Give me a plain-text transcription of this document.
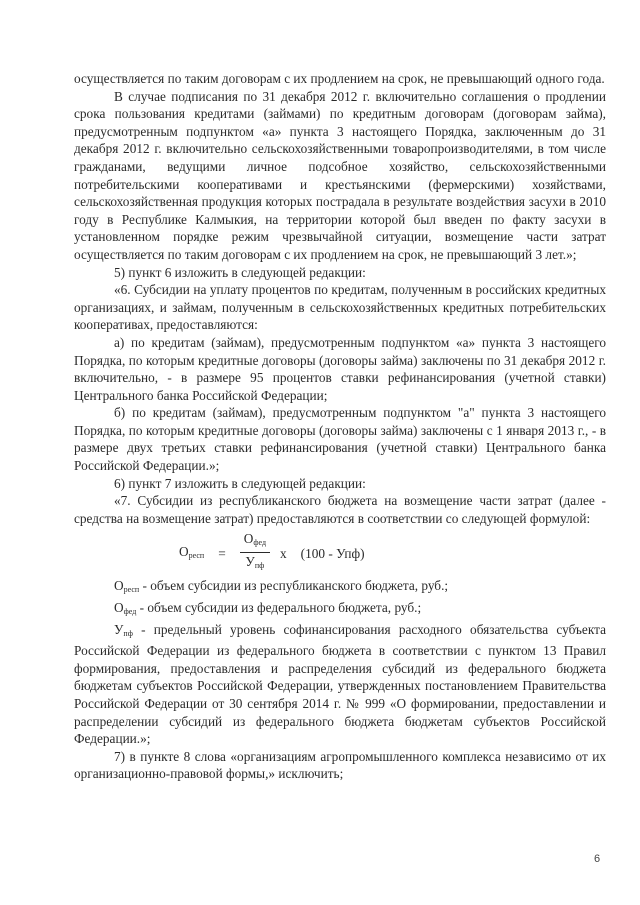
осуществляется по таким договорам с их продлением на срок, не превышающий одного года.

В случае подписания по 31 декабря 2012 г. включительно соглашения о продлении срока пользования кредитами (займами) по кредитным договорам (договорам займа), предусмотренным подпунктом «а» пункта 3 настоящего Порядка, заключенным до 31 декабря 2012 г. включительно сельскохозяйственными товаропроизводителями, в том числе гражданами, ведущими личное подсобное хозяйство, сельскохозяйственными потребительскими кооперативами и крестьянскими (фермерскими) хозяйствами, сельскохозяйственная продукция которых пострадала в результате воздействия засухи в 2010 году в Республике Калмыкия, на территории которой был введен по факту засухи в установленном порядке режим чрезвычайной ситуации, возмещение части затрат осуществляется по таким договорам с их продлением на срок, не превышающий 3 лет.»;

5) пункт 6 изложить в следующей редакции:

«6. Субсидии на уплату процентов по кредитам, полученным в российских кредитных организациях, и займам, полученным в сельскохозяйственных кредитных потребительских кооперативах, предоставляются:

а) по кредитам (займам), предусмотренным подпунктом «а» пункта 3 настоящего Порядка, по которым кредитные договоры (договоры займа) заключены по 31 декабря 2012 г. включительно, - в размере 95 процентов ставки рефинансирования (учетной ставки) Центрального банка Российской Федерации;

б) по кредитам (займам), предусмотренным подпунктом "а" пункта 3 настоящего Порядка, по которым кредитные договоры (договоры займа) заключены с 1 января 2013 г., - в размере двух третьих ставки рефинансирования (учетной ставки) Центрального банка Российской Федерации.»;

6) пункт 7 изложить в следующей редакции:

«7. Субсидии из республиканского бюджета на возмещение части затрат (далее - средства на возмещение затрат) предоставляются в соответствии со следующей формулой:

$О_{респ} = \frac{О_{фед}}{У_{пф}}$ х (100 - Упф)

$О_{респ}$ - объем субсидии из республиканского бюджета, руб.;

$О_{фед}$ - объем субсидии из федерального бюджета, руб.;

$У_{пф}$ - предельный уровень софинансирования расходного обязательства субъекта Российской Федерации из федерального бюджета в соответствии с пунктом 13 Правил формирования, предоставления и распределения субсидий из федерального бюджета бюджетам субъектов Российской Федерации, утвержденных постановлением Правительства Российской Федерации от 30 сентября 2014 г. № 999 «О формировании, предоставлении и распределении субсидий из федерального бюджета бюджетам субъектов Российской Федерации.»;

7) в пункте 8 слова «организациям агропромышленного комплекса независимо от их организационно-правовой формы,» исключить;

6
